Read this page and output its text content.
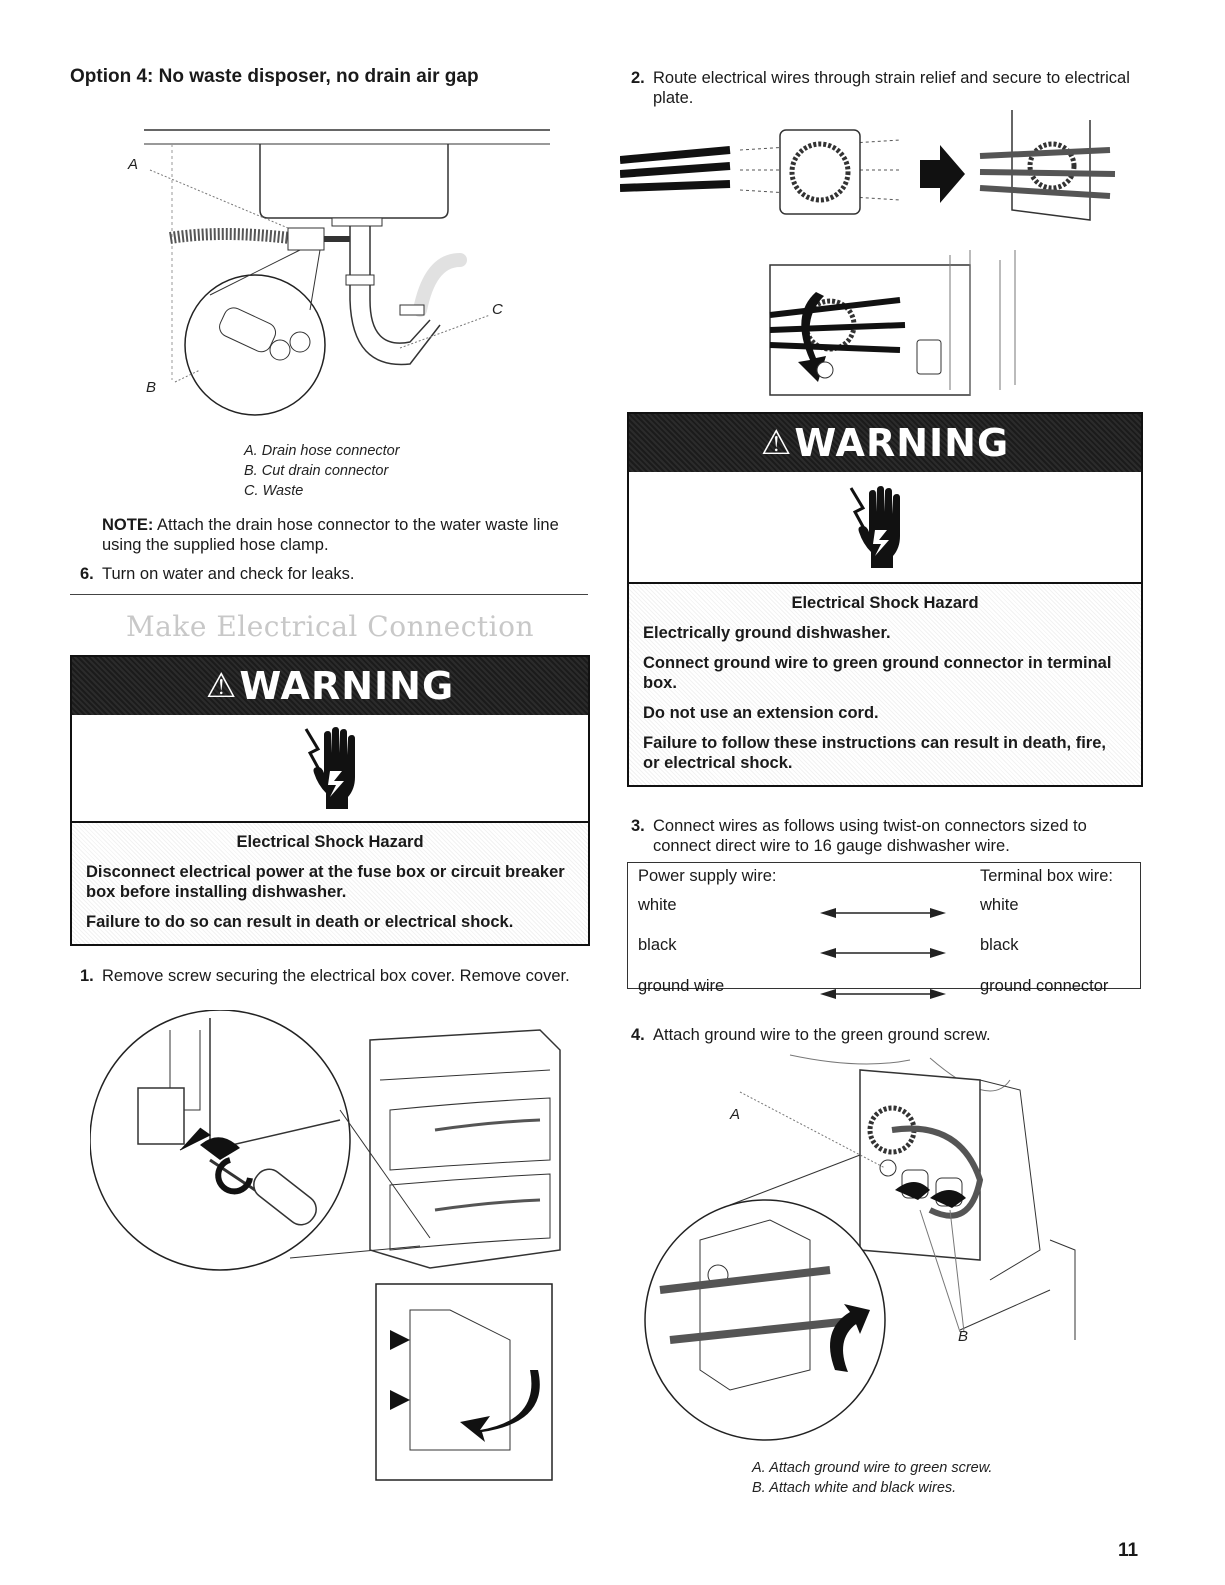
Option 4: No waste disposer, no drain air gap
A
B
C
A. Drain hose connector
B. Cut drain connector
C. Waste
NOTE: Attach the drain hose connector to the water waste line using the supplied hose clamp.
6. Turn on water and check for leaks.
Make Electrical Connection
⚠ WARNING
Electrical Shock Hazard
Disconnect electrical power at the fuse box or circuit breaker box before installing dishwasher.
Failure to do so can result in death or electrical shock.
1. Remove screw securing the electrical box cover. Remove cover.
2. Route electrical wires through strain relief and secure to electrical plate.
⚠ WARNING
Electrical Shock Hazard
Electrically ground dishwasher.
Connect ground wire to green ground connector in terminal box.
Do not use an extension cord.
Failure to follow these instructions can result in death, fire, or electrical shock.
3. Connect wires as follows using twist-on connectors sized to connect direct wire to 16 gauge dishwasher wire.
Power supply wire:	Terminal box wire:
white	white
black	black
ground wire	ground connector
4. Attach ground wire to the green ground screw.
A
B
A. Attach ground wire to green screw.
B. Attach white and black wires.
11
